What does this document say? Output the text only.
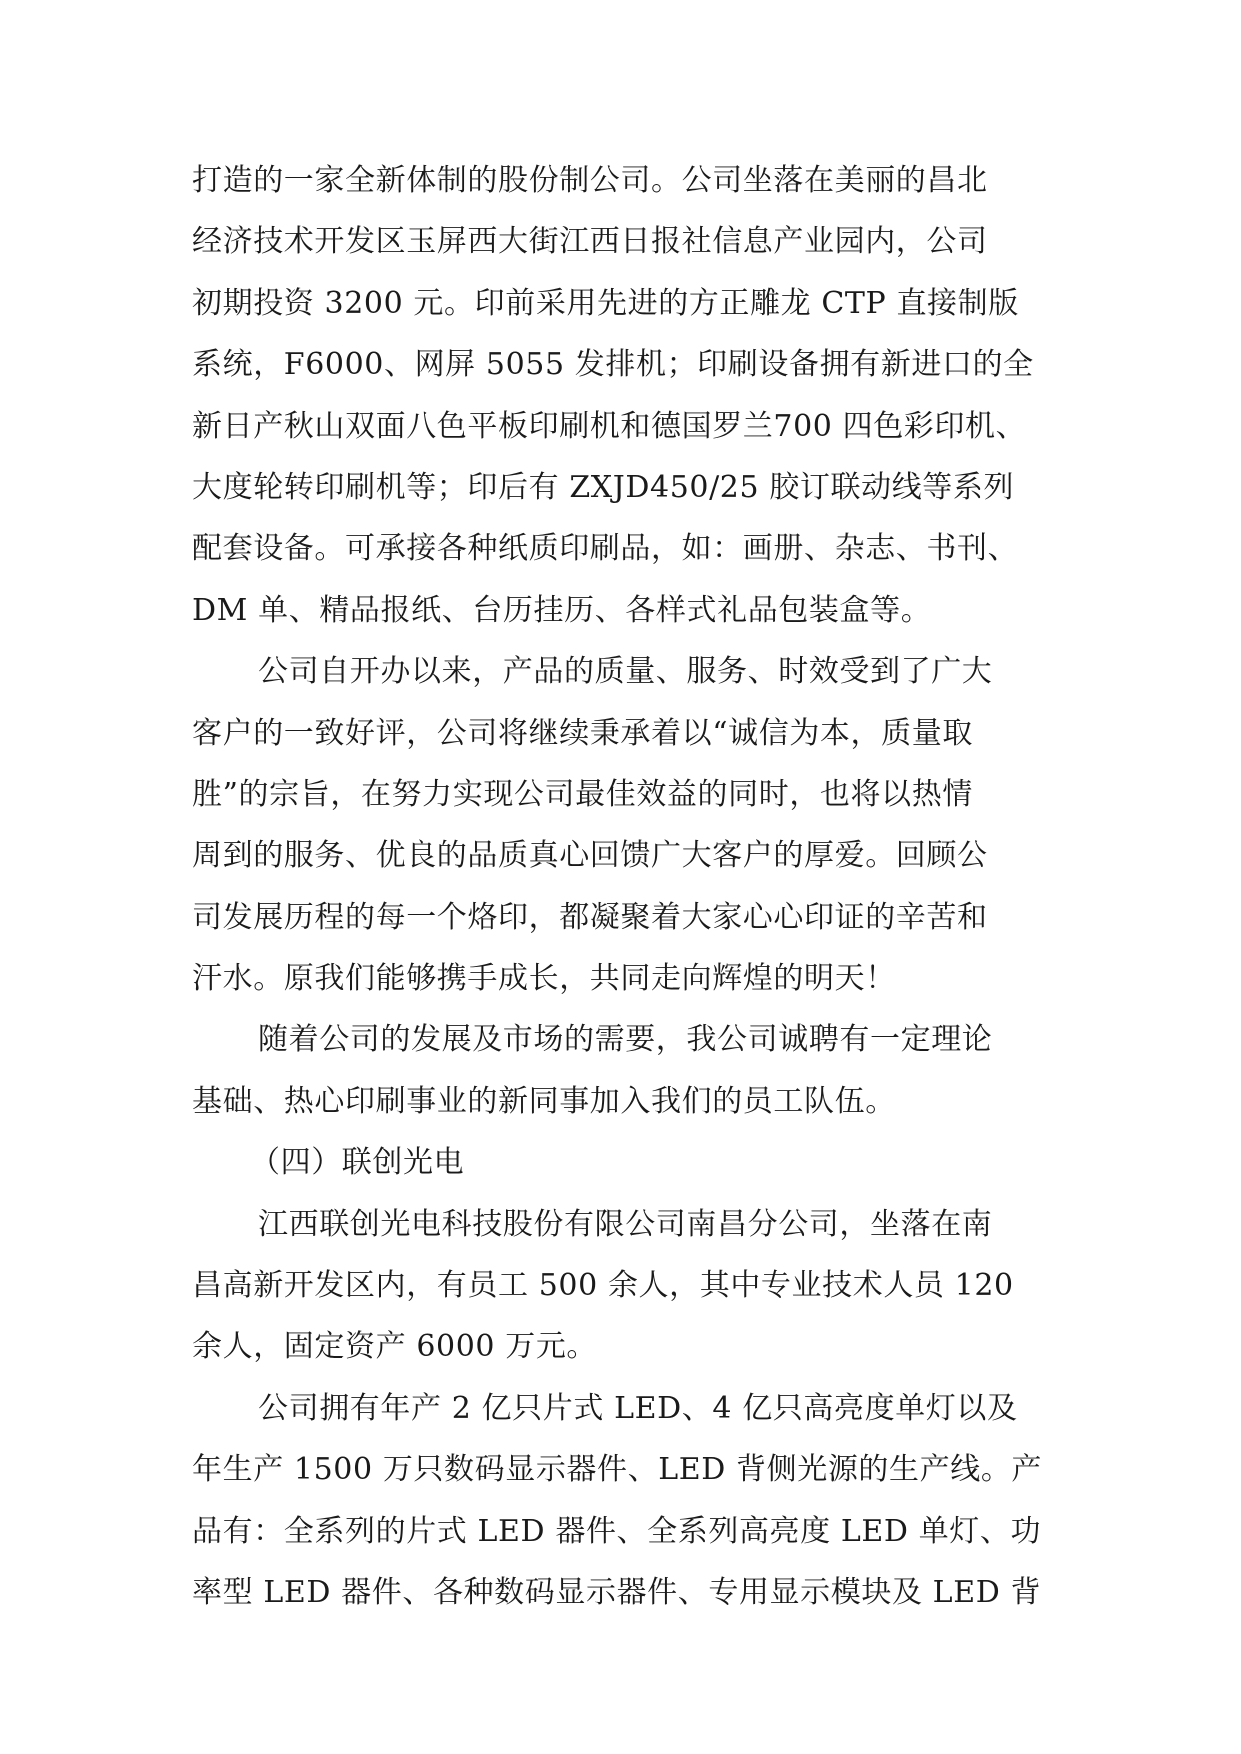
打造的一家全新体制的股份制公司。公司坐落在美丽的昌北
经济技术开发区玉屏西大街江西日报社信息产业园内，公司
初期投资 3200 元。印前采用先进的方正雕龙 CTP 直接制版
系统，F6000、网屏 5055 发排机；印刷设备拥有新进口的全
新日产秋山双面八色平板印刷机和德国罗兰700 四色彩印机、
大度轮转印刷机等；印后有 ZXJD450/25 胶订联动线等系列
配套设备。可承接各种纸质印刷品，如：画册、杂志、书刊、
DM 单、精品报纸、台历挂历、各样式礼品包装盒等。
公司自开办以来，产品的质量、服务、时效受到了广大
客户的一致好评，公司将继续秉承着以“诚信为本，质量取
胜”的宗旨，在努力实现公司最佳效益的同时，也将以热情
周到的服务、优良的品质真心回馈广大客户的厚爱。回顾公
司发展历程的每一个烙印，都凝聚着大家心心印证的辛苦和
汗水。原我们能够携手成长，共同走向辉煌的明天！
随着公司的发展及市场的需要，我公司诚聘有一定理论
基础、热心印刷事业的新同事加入我们的员工队伍。
（四）联创光电
江西联创光电科技股份有限公司南昌分公司，坐落在南
昌高新开发区内，有员工 500 余人，其中专业技术人员 120
余人，固定资产 6000 万元。
公司拥有年产 2 亿只片式 LED、4 亿只高亮度单灯以及
年生产 1500 万只数码显示器件、LED 背侧光源的生产线。产
品有：全系列的片式 LED 器件、全系列高亮度 LED 单灯、功
率型 LED 器件、各种数码显示器件、专用显示模块及 LED 背
